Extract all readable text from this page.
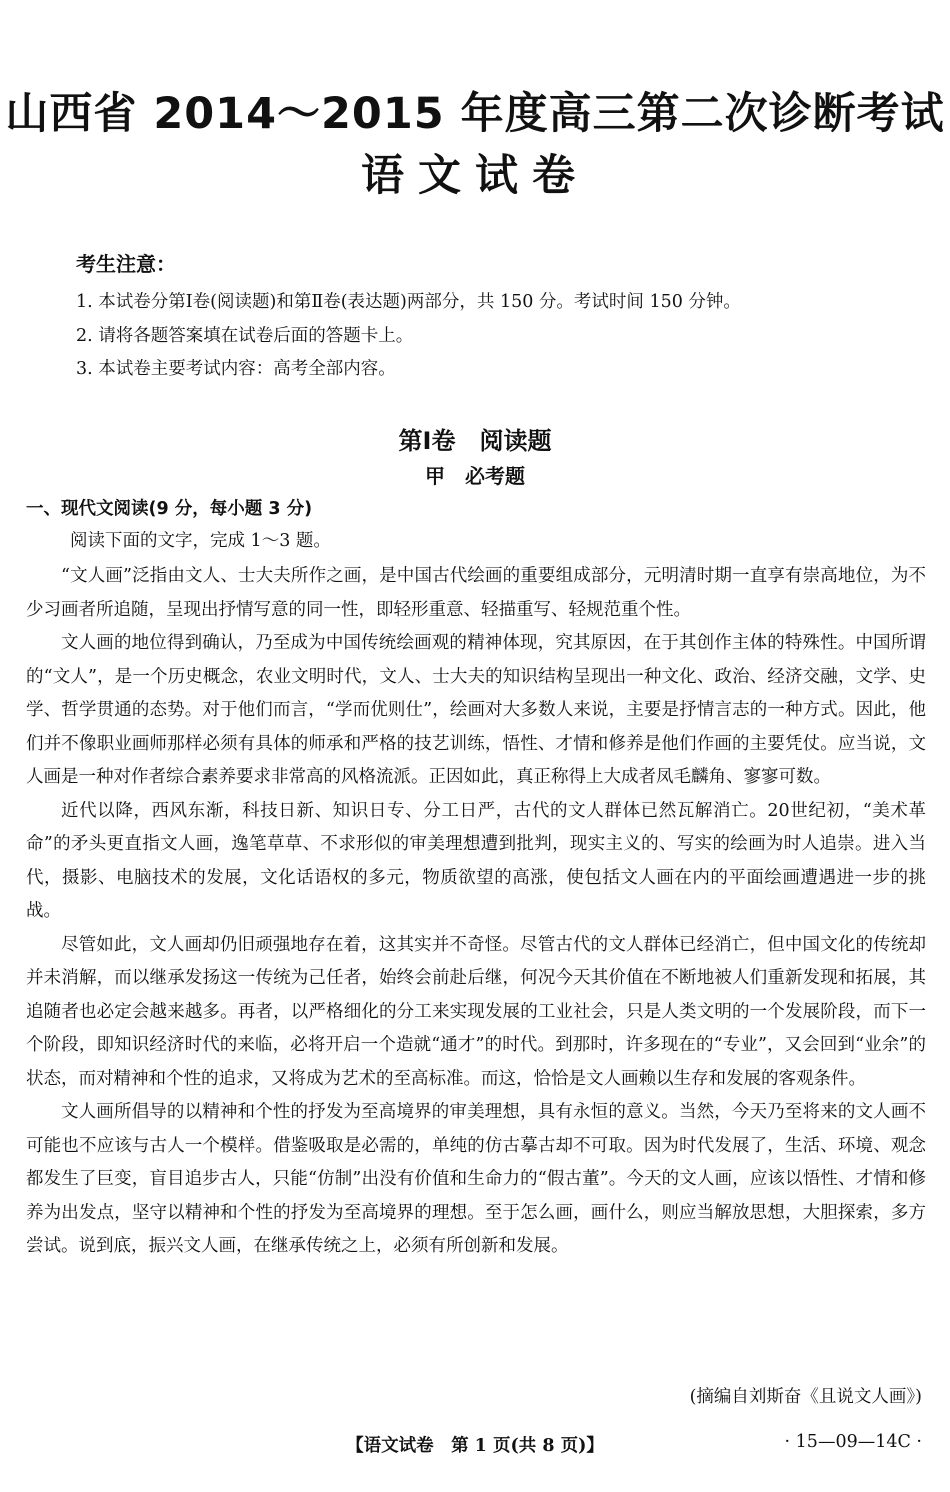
山西省 2014～2015 年度高三第二次诊断考试
语文试卷
考生注意：
1. 本试卷分第Ⅰ卷(阅读题)和第Ⅱ卷(表达题)两部分，共 150 分。考试时间 150 分钟。
2. 请将各题答案填在试卷后面的答题卡上。
3. 本试卷主要考试内容：高考全部内容。
第Ⅰ卷　阅读题
甲　必考题
一、现代文阅读(9 分，每小题 3 分)
阅读下面的文字，完成 1～3 题。

“文人画”泛指由文人、士大夫所作之画，是中国古代绘画的重要组成部分，元明清时期一直享有崇高地位，为不少习画者所追随，呈现出抒情写意的同一性，即轻形重意、轻描重写、轻规范重个性。

文人画的地位得到确认，乃至成为中国传统绘画观的精神体现，究其原因，在于其创作主体的特殊性。中国所谓的“文人”，是一个历史概念，农业文明时代，文人、士大夫的知识结构呈现出一种文化、政治、经济交融，文学、史学、哲学贯通的态势。对于他们而言，“学而优则仕”，绘画对大多数人来说，主要是抒情言志的一种方式。因此，他们并不像职业画师那样必须有具体的师承和严格的技艺训练，悟性、才情和修养是他们作画的主要凭仗。应当说，文人画是一种对作者综合素养要求非常高的风格流派。正因如此，真正称得上大成者凤毛麟角、寥寥可数。

近代以降，西风东渐，科技日新、知识日专、分工日严，古代的文人群体已然瓦解消亡。20世纪初，“美术革命”的矛头更直指文人画，逸笔草草、不求形似的审美理想遭到批判，现实主义的、写实的绘画为时人追崇。进入当代，摄影、电脑技术的发展，文化话语权的多元，物质欲望的高涨，使包括文人画在内的平面绘画遭遇进一步的挑战。

尽管如此，文人画却仍旧顽强地存在着，这其实并不奇怪。尽管古代的文人群体已经消亡，但中国文化的传统却并未消解，而以继承发扬这一传统为己任者，始终会前赴后继，何况今天其价值在不断地被人们重新发现和拓展，其追随者也必定会越来越多。再者，以严格细化的分工来实现发展的工业社会，只是人类文明的一个发展阶段，而下一个阶段，即知识经济时代的来临，必将开启一个造就“通才”的时代。到那时，许多现在的“专业”，又会回到“业余”的状态，而对精神和个性的追求，又将成为艺术的至高标准。而这，恰恰是文人画赖以生存和发展的客观条件。

文人画所倡导的以精神和个性的抒发为至高境界的审美理想，具有永恒的意义。当然，今天乃至将来的文人画不可能也不应该与古人一个模样。借鉴吸取是必需的，单纯的仿古摹古却不可取。因为时代发展了，生活、环境、观念都发生了巨变，盲目追步古人，只能“仿制”出没有价值和生命力的“假古董”。今天的文人画，应该以悟性、才情和修养为出发点，坚守以精神和个性的抒发为至高境界的理想。至于怎么画，画什么，则应当解放思想，大胆探索，多方尝试。说到底，振兴文人画，在继承传统之上，必须有所创新和发展。

(摘编自刘斯奋《且说文人画》)
【语文试卷　第 1 页(共 8 页)】	· 15—09—14C ·
